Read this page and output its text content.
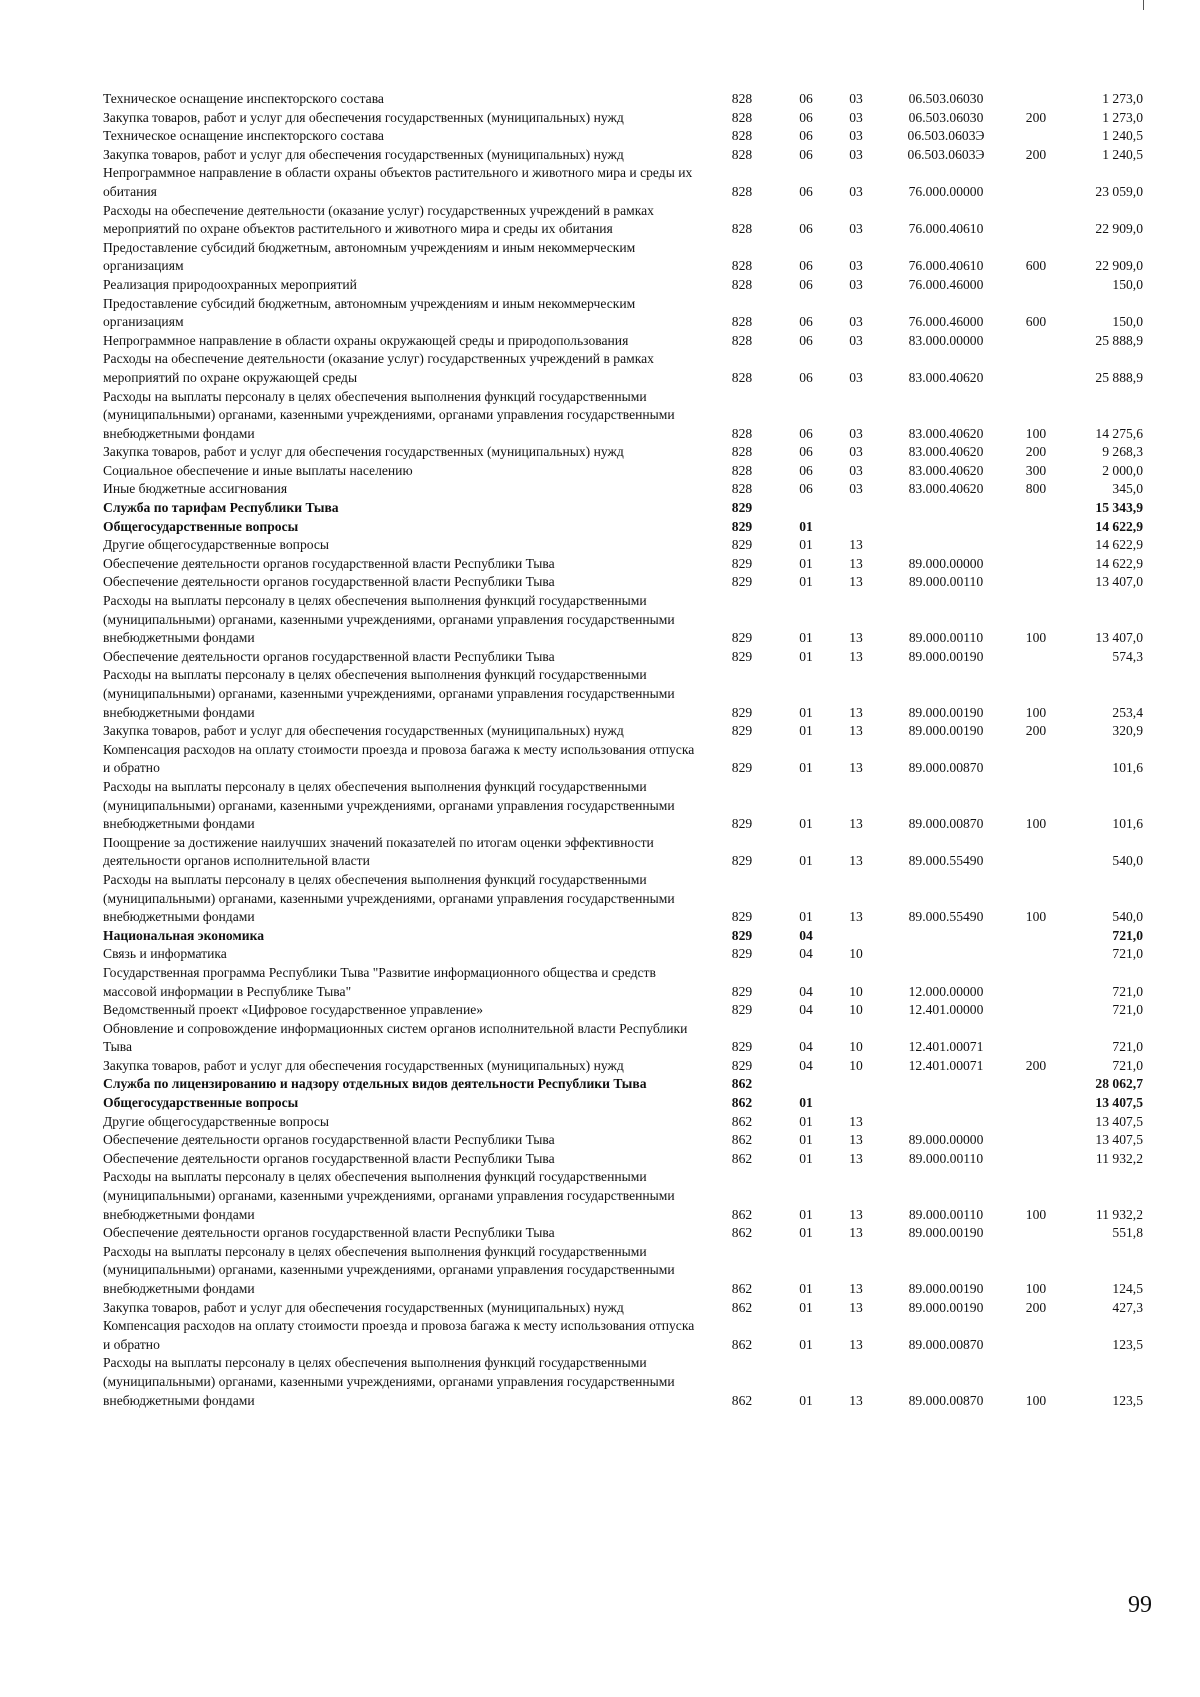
Техническое оснащение инспекторского состава	828	06	03	06.503.06030		1 273,0
Закупка товаров, работ и услуг для обеспечения государственных (муниципальных) нужд	828	06	03	06.503.06030	200	1 273,0
Техническое оснащение инспекторского состава	828	06	03	06.503.0603Э		1 240,5
Закупка товаров, работ и услуг для обеспечения государственных (муниципальных) нужд	828	06	03	06.503.0603Э	200	1 240,5
Непрограммное направление в области охраны объектов растительного и животного мира и среды их обитания	828	06	03	76.000.00000		23 059,0
Расходы на обеспечение деятельности (оказание услуг) государственных учреждений в рамках мероприятий по охране объектов растительного и животного мира и среды их обитания	828	06	03	76.000.40610		22 909,0
Предоставление субсидий бюджетным, автономным учреждениям и иным некоммерческим организациям	828	06	03	76.000.40610	600	22 909,0
Реализация природоохранных мероприятий	828	06	03	76.000.46000		150,0
Предоставление субсидий бюджетным, автономным учреждениям и иным некоммерческим организациям	828	06	03	76.000.46000	600	150,0
Непрограммное направление в области охраны окружающей среды и природопользования	828	06	03	83.000.00000		25 888,9
Расходы на обеспечение деятельности (оказание услуг) государственных учреждений в рамках мероприятий по охране окружающей среды	828	06	03	83.000.40620		25 888,9
Расходы на выплаты персоналу в целях обеспечения выполнения функций государственными (муниципальными) органами, казенными учреждениями, органами управления государственными внебюджетными фондами	828	06	03	83.000.40620	100	14 275,6
Закупка товаров, работ и услуг для обеспечения государственных (муниципальных) нужд	828	06	03	83.000.40620	200	9 268,3
Социальное обеспечение и иные выплаты населению	828	06	03	83.000.40620	300	2 000,0
Иные бюджетные ассигнования	828	06	03	83.000.40620	800	345,0
Служба по тарифам Республики Тыва	829					15 343,9
Общегосударственные вопросы	829	01				14 622,9
Другие общегосударственные вопросы	829	01	13			14 622,9
Обеспечение деятельности органов государственной власти Республики Тыва	829	01	13	89.000.00000		14 622,9
Обеспечение деятельности органов государственной власти Республики Тыва	829	01	13	89.000.00110		13 407,0
Расходы на выплаты персоналу в целях обеспечения выполнения функций государственными (муниципальными) органами, казенными учреждениями, органами управления государственными внебюджетными фондами	829	01	13	89.000.00110	100	13 407,0
Обеспечение деятельности органов государственной власти Республики Тыва	829	01	13	89.000.00190		574,3
Расходы на выплаты персоналу в целях обеспечения выполнения функций государственными (муниципальными) органами, казенными учреждениями, органами управления государственными внебюджетными фондами	829	01	13	89.000.00190	100	253,4
Закупка товаров, работ и услуг для обеспечения государственных (муниципальных) нужд	829	01	13	89.000.00190	200	320,9
Компенсация расходов на оплату стоимости проезда и провоза багажа к месту использования отпуска и обратно	829	01	13	89.000.00870		101,6
Расходы на выплаты персоналу в целях обеспечения выполнения функций государственными (муниципальными) органами, казенными учреждениями, органами управления государственными внебюджетными фондами	829	01	13	89.000.00870	100	101,6
Поощрение за достижение наилучших значений показателей по итогам оценки эффективности деятельности органов исполнительной власти	829	01	13	89.000.55490		540,0
Расходы на выплаты персоналу в целях обеспечения выполнения функций государственными (муниципальными) органами, казенными учреждениями, органами управления государственными внебюджетными фондами	829	01	13	89.000.55490	100	540,0
Национальная экономика	829	04				721,0
Связь и информатика	829	04	10			721,0
Государственная программа Республики Тыва "Развитие информационного общества и средств массовой информации в Республике Тыва"	829	04	10	12.000.00000		721,0
Ведомственный проект «Цифровое государственное управление»	829	04	10	12.401.00000		721,0
Обновление и сопровождение информационных систем органов исполнительной власти Республики Тыва	829	04	10	12.401.00071		721,0
Закупка товаров, работ и услуг для обеспечения государственных (муниципальных) нужд	829	04	10	12.401.00071	200	721,0
Служба по лицензированию и надзору отдельных видов деятельности Республики Тыва	862					28 062,7
Общегосударственные вопросы	862	01				13 407,5
Другие общегосударственные вопросы	862	01	13			13 407,5
Обеспечение деятельности органов государственной власти Республики Тыва	862	01	13	89.000.00000		13 407,5
Обеспечение деятельности органов государственной власти Республики Тыва	862	01	13	89.000.00110		11 932,2
Расходы на выплаты персоналу в целях обеспечения выполнения функций государственными (муниципальными) органами, казенными учреждениями, органами управления государственными внебюджетными фондами	862	01	13	89.000.00110	100	11 932,2
Обеспечение деятельности органов государственной власти Республики Тыва	862	01	13	89.000.00190		551,8
Расходы на выплаты персоналу в целях обеспечения выполнения функций государственными (муниципальными) органами, казенными учреждениями, органами управления государственными внебюджетными фондами	862	01	13	89.000.00190	100	124,5
Закупка товаров, работ и услуг для обеспечения государственных (муниципальных) нужд	862	01	13	89.000.00190	200	427,3
Компенсация расходов на оплату стоимости проезда и провоза багажа к месту использования отпуска и обратно	862	01	13	89.000.00870		123,5
Расходы на выплаты персоналу в целях обеспечения выполнения функций государственными (муниципальными) органами, казенными учреждениями, органами управления государственными внебюджетными фондами	862	01	13	89.000.00870	100	123,5
99
